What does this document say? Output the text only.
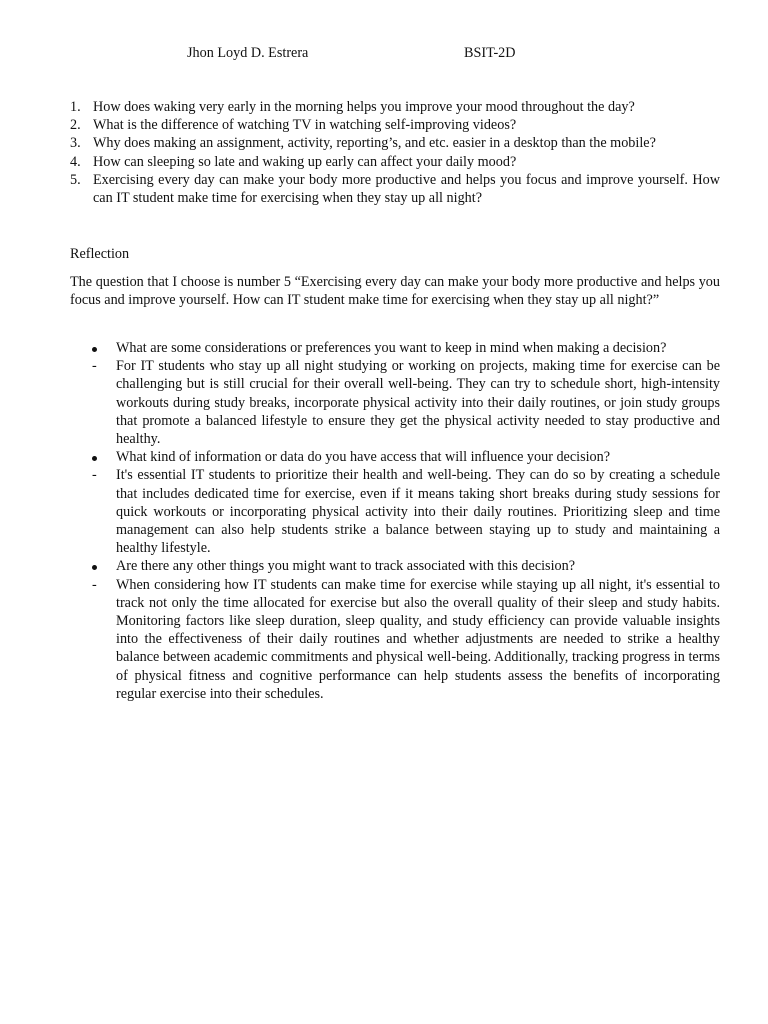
Jhon Loyd D. Estrera	BSIT-2D
1. How does waking very early in the morning helps you improve your mood throughout the day?
2. What is the difference of watching TV in watching self-improving videos?
3. Why does making an assignment, activity, reporting’s, and etc. easier in a desktop than the mobile?
4. How can sleeping so late and waking up early can affect your daily mood?
5. Exercising every day can make your body more productive and helps you focus and improve yourself. How can IT student make time for exercising when they stay up all night?
Reflection

The question that I choose is number 5 “Exercising every day can make your body more productive and helps you focus and improve yourself. How can IT student make time for exercising when they stay up all night?”

What are some considerations or preferences you want to keep in mind when making a decision?
- For IT students who stay up all night studying or working on projects, making time for exercise can be challenging but is still crucial for their overall well-being. They can try to schedule short, high-intensity workouts during study breaks, incorporate physical activity into their daily routines, or join study groups that promote a balanced lifestyle to ensure they get the physical activity needed to stay productive and healthy.
What kind of information or data do you have access that will influence your decision?
- It's essential IT students to prioritize their health and well-being. They can do so by creating a schedule that includes dedicated time for exercise, even if it means taking short breaks during study sessions for quick workouts or incorporating physical activity into their daily routines. Prioritizing sleep and time management can also help students strike a balance between staying up to study and maintaining a healthy lifestyle.
Are there any other things you might want to track associated with this decision?
- When considering how IT students can make time for exercise while staying up all night, it's essential to track not only the time allocated for exercise but also the overall quality of their sleep and study habits. Monitoring factors like sleep duration, sleep quality, and study efficiency can provide valuable insights into the effectiveness of their daily routines and whether adjustments are needed to strike a healthy balance between academic commitments and physical well-being. Additionally, tracking progress in terms of physical fitness and cognitive performance can help students assess the benefits of incorporating regular exercise into their schedules.
